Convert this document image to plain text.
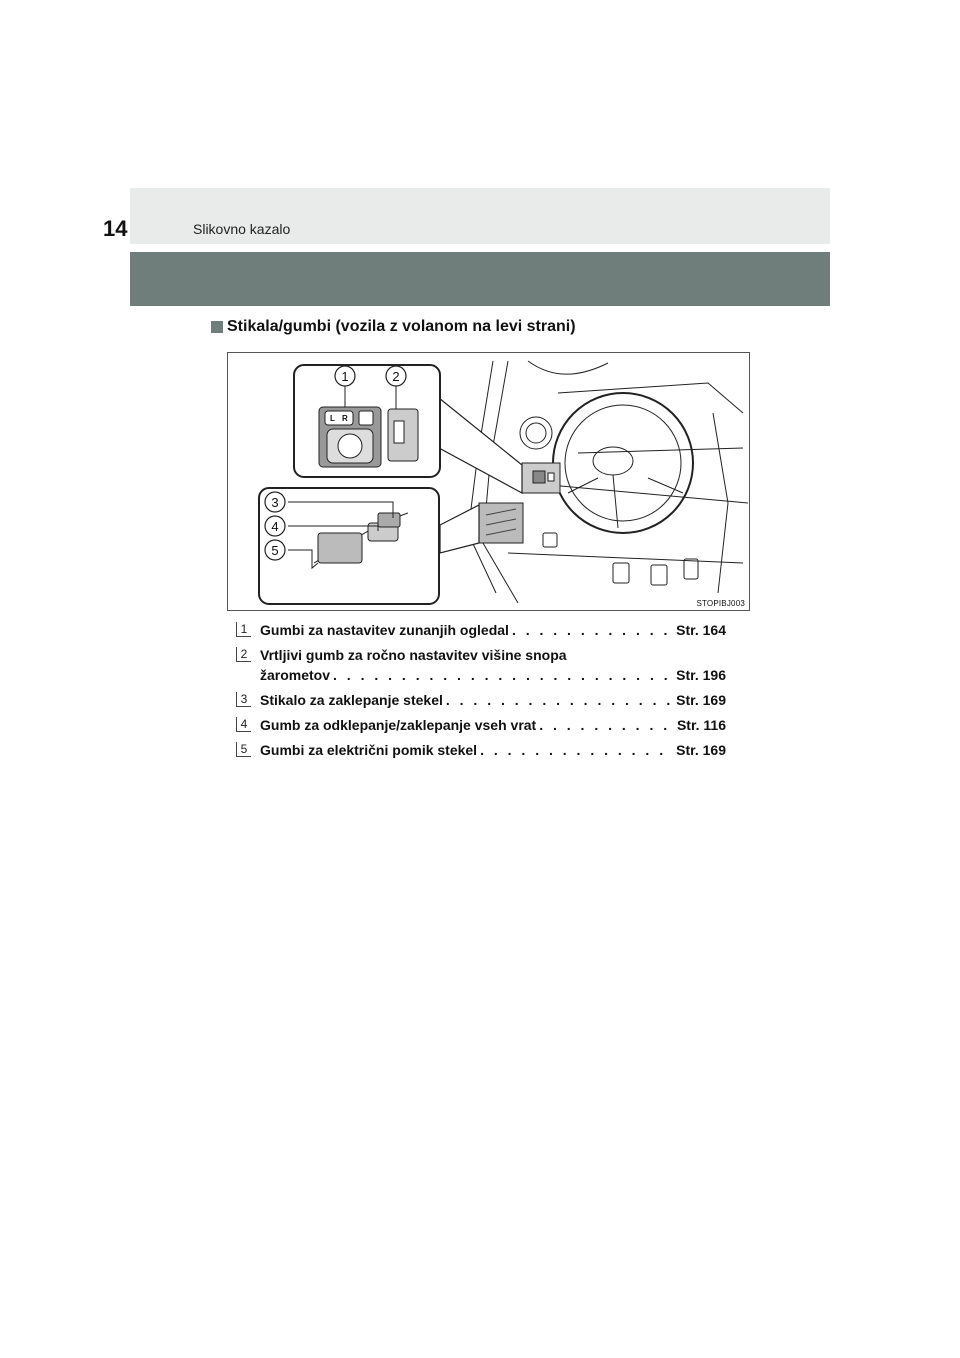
14	Slikovno kazalo
Stikala/gumbi (vozila z volanom na levi strani)
1	2
3
4
5
L R
STOPIBJ003
1 Gumbi za nastavitev zunanjih ogledal . . .	Str. 164
2 Vrtljivi gumb za ročno nastavitev višine snopa
žarometov . . .	Str. 196
3 Stikalo za zaklepanje stekel . . .	Str. 169
4 Gumb za odklepanje/zaklepanje vseh vrat . . .	Str. 116
5 Gumbi za električni pomik stekel . . .	Str. 169
